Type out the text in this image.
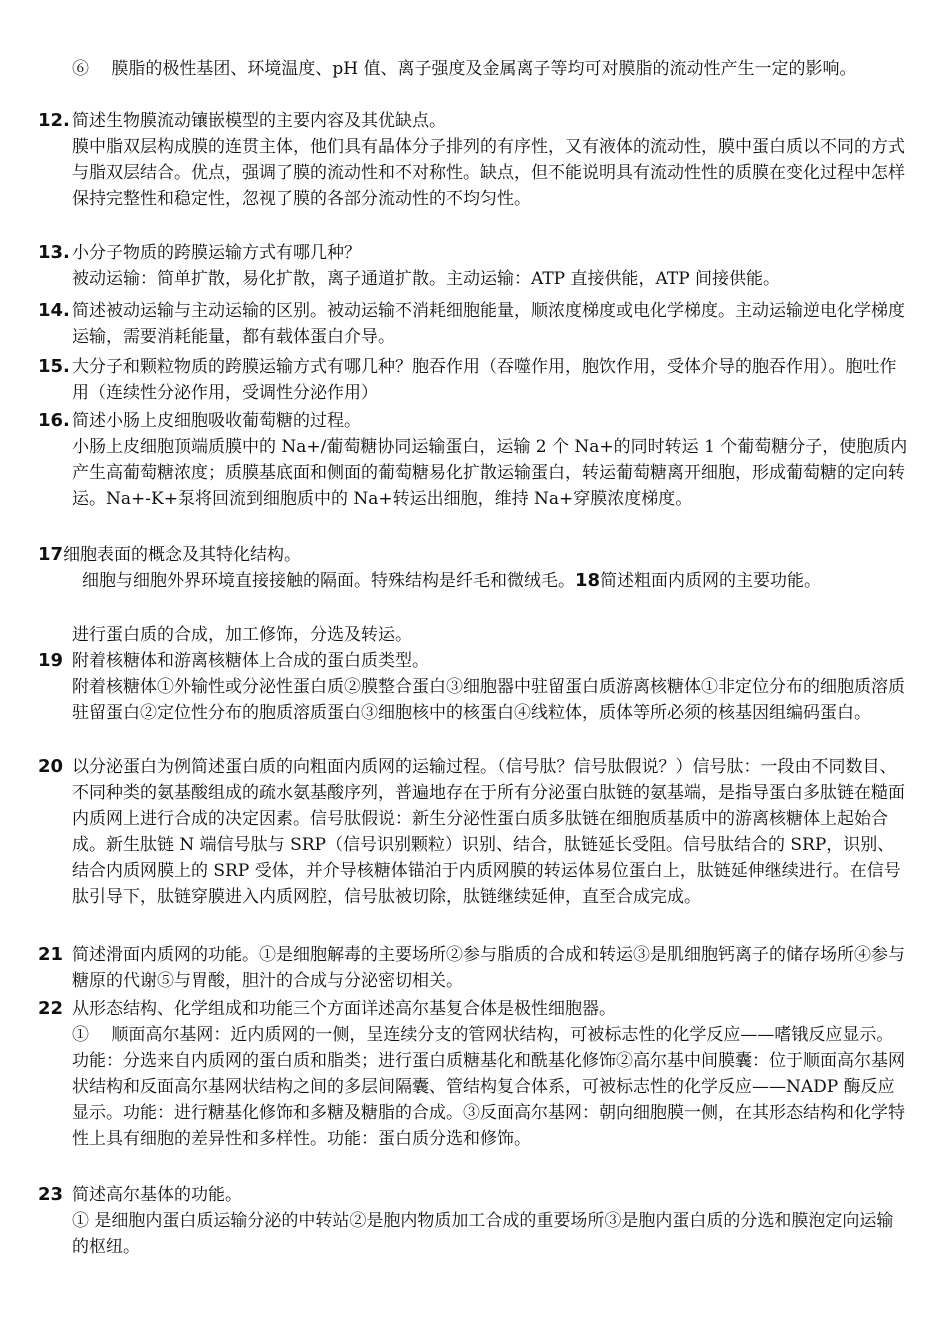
⑥　 膜脂的极性基团、环境温度、pH 值、离子强度及金属离子等均可对膜脂的流动性产生一定的影响。
12. 简述生物膜流动镶嵌模型的主要内容及其优缺点。
膜中脂双层构成膜的连贯主体，他们具有晶体分子排列的有序性，又有液体的流动性，膜中蛋白质以不同的方式与脂双层结合。优点，强调了膜的流动性和不对称性。缺点，但不能说明具有流动性性的质膜在变化过程中怎样保持完整性和稳定性，忽视了膜的各部分流动性的不均匀性。
13. 小分子物质的跨膜运输方式有哪几种？
被动运输：简单扩散，易化扩散，离子通道扩散。主动运输：ATP 直接供能，ATP 间接供能。
14. 简述被动运输与主动运输的区别。被动运输不消耗细胞能量，顺浓度梯度或电化学梯度。主动运输逆电化学梯度运输，需要消耗能量，都有载体蛋白介导。
15. 大分子和颗粒物质的跨膜运输方式有哪几种？胞吞作用（吞噬作用，胞饮作用，受体介导的胞吞作用）。胞吐作用（连续性分泌作用，受调性分泌作用）
16. 简述小肠上皮细胞吸收葡萄糖的过程。
小肠上皮细胞顶端质膜中的 Na+/葡萄糖协同运输蛋白，运输 2 个 Na+的同时转运 1 个葡萄糖分子，使胞质内产生高葡萄糖浓度；质膜基底面和侧面的葡萄糖易化扩散运输蛋白，转运葡萄糖离开细胞，形成葡萄糖的定向转运。Na+-K+泵将回流到细胞质中的 Na+转运出细胞，维持 Na+穿膜浓度梯度。
17细胞表面的概念及其特化结构。
细胞与细胞外界环境直接接触的隔面。特殊结构是纤毛和微绒毛。18简述粗面内质网的主要功能。
进行蛋白质的合成，加工修饰，分选及转运。
19 附着核糖体和游离核糖体上合成的蛋白质类型。
附着核糖体①外输性或分泌性蛋白质②膜整合蛋白③细胞器中驻留蛋白质游离核糖体①非定位分布的细胞质溶质驻留蛋白②定位性分布的胞质溶质蛋白③细胞核中的核蛋白④线粒体，质体等所必须的核基因组编码蛋白。
20 以分泌蛋白为例简述蛋白质的向粗面内质网的运输过程。（信号肽？信号肽假说？）信号肽：一段由不同数目、不同种类的氨基酸组成的疏水氨基酸序列，普遍地存在于所有分泌蛋白肽链的氨基端，是指导蛋白多肽链在糙面内质网上进行合成的决定因素。信号肽假说：新生分泌性蛋白质多肽链在细胞质基质中的游离核糖体上起始合成。新生肽链 N 端信号肽与 SRP（信号识别颗粒）识别、结合，肽链延长受阻。信号肽结合的 SRP，识别、结合内质网膜上的 SRP 受体，并介导核糖体锚泊于内质网膜的转运体易位蛋白上，肽链延伸继续进行。在信号肽引导下，肽链穿膜进入内质网腔，信号肽被切除，肽链继续延伸，直至合成完成。
21 简述滑面内质网的功能。①是细胞解毒的主要场所②参与脂质的合成和转运③是肌细胞钙离子的储存场所④参与糖原的代谢⑤与胃酸，胆汁的合成与分泌密切相关。
22 从形态结构、化学组成和功能三个方面详述高尔基复合体是极性细胞器。
①　 顺面高尔基网：近内质网的一侧，呈连续分支的管网状结构，可被标志性的化学反应——嗜锇反应显示。功能：分选来自内质网的蛋白质和脂类；进行蛋白质糖基化和酰基化修饰②高尔基中间膜囊：位于顺面高尔基网状结构和反面高尔基网状结构之间的多层间隔囊、管结构复合体系，可被标志性的化学反应——NADP 酶反应显示。功能：进行糖基化修饰和多糖及糖脂的合成。③反面高尔基网：朝向细胞膜一侧，在其形态结构和化学特性上具有细胞的差异性和多样性。功能：蛋白质分选和修饰。
23 简述高尔基体的功能。
① 是细胞内蛋白质运输分泌的中转站②是胞内物质加工合成的重要场所③是胞内蛋白质的分选和膜泡定向运输的枢纽。
